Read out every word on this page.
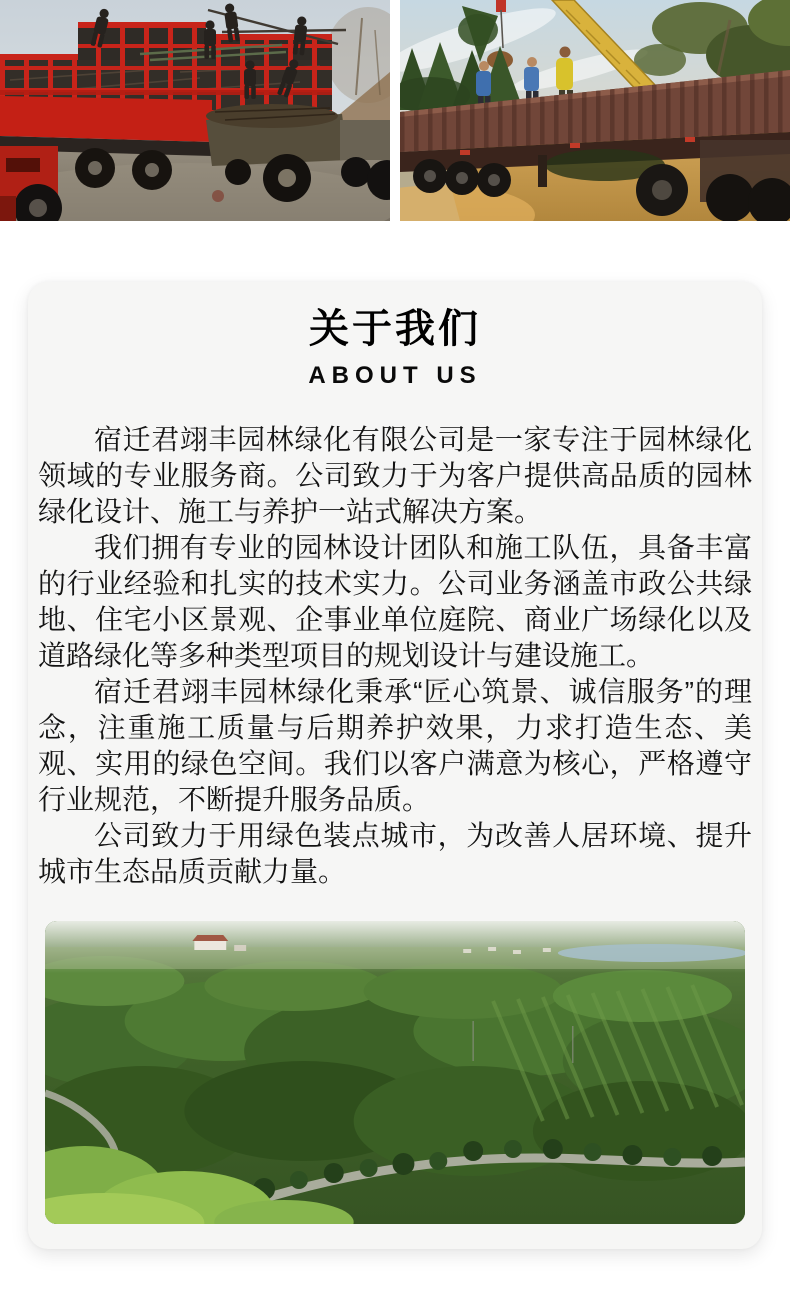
关于我们
ABOUT US

宿迁君翊丰园林绿化有限公司是一家专注于园林绿化领域的专业服务商。公司致力于为客户提供高品质的园林绿化设计、施工与养护一站式解决方案。

我们拥有专业的园林设计团队和施工队伍，具备丰富的行业经验和扎实的技术实力。公司业务涵盖市政公共绿地、住宅小区景观、企事业单位庭院、商业广场绿化以及道路绿化等多种类型项目的规划设计与建设施工。

宿迁君翊丰园林绿化秉承“匠心筑景、诚信服务”的理念，注重施工质量与后期养护效果，力求打造生态、美观、实用的绿色空间。我们以客户满意为核心，严格遵守行业规范，不断提升服务品质。

公司致力于用绿色装点城市，为改善人居环境、提升城市生态品质贡献力量。
